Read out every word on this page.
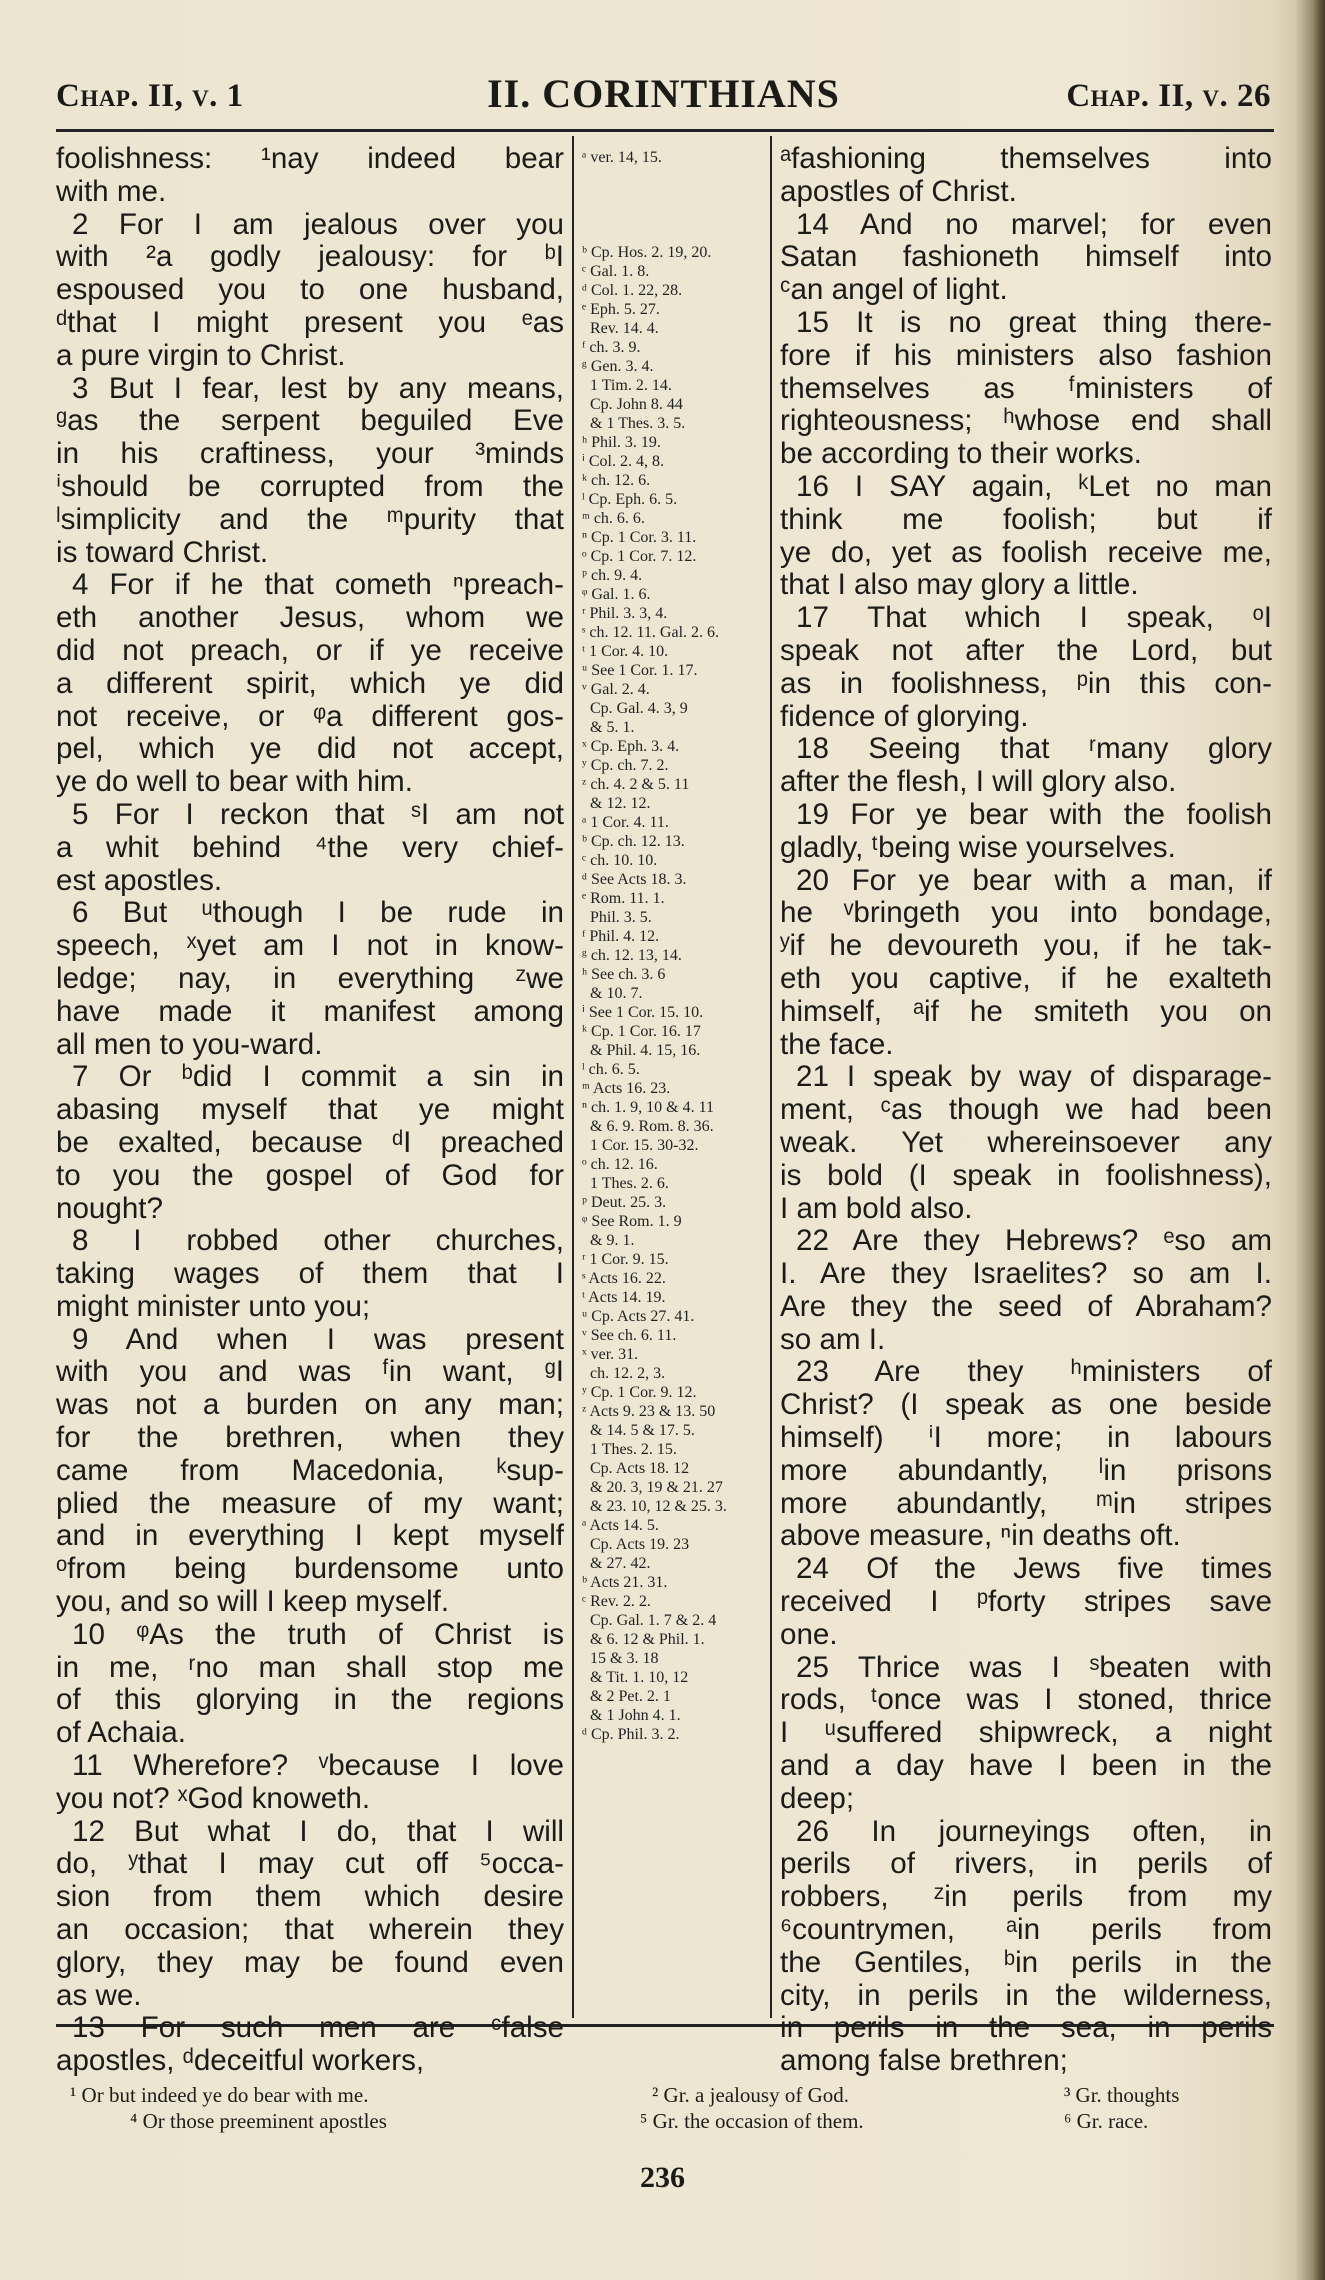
Chap. II, v. 1	II. CORINTHIANS	Chap. II, v. 26
foolishness: ¹nay indeed bear
with me.
2 For I am jealous over you
with ²a godly jealousy: for ᵇI
espoused you to one husband,
ᵈthat I might present you ᵉas
a pure virgin to Christ.
3 But I fear, lest by any means,
ᵍas the serpent beguiled Eve
in his craftiness, your ³minds
ⁱshould be corrupted from the
ˡsimplicity and the ᵐpurity that
is toward Christ.
4 For if he that cometh ⁿpreach-
eth another Jesus, whom we
did not preach, or if ye receive
a different spirit, which ye did
not receive, or ᵠa different gos-
pel, which ye did not accept,
ye do well to bear with him.
5 For I reckon that ˢI am not
a whit behind ⁴the very chief-
est apostles.
6 But ᵘthough I be rude in
speech, ˣyet am I not in know-
ledge; nay, in everything ᶻwe
have made it manifest among
all men to you-ward.
7 Or ᵇdid I commit a sin in
abasing myself that ye might
be exalted, because ᵈI preached
to you the gospel of God for
nought?
8 I robbed other churches,
taking wages of them that I
might minister unto you;
9 And when I was present
with you and was ᶠin want, ᵍI
was not a burden on any man;
for the brethren, when they
came from Macedonia, ᵏsup-
plied the measure of my want;
and in everything I kept myself
ᵒfrom being burdensome unto
you, and so will I keep myself.
10 ᵠAs the truth of Christ is
in me, ʳno man shall stop me
of this glorying in the regions
of Achaia.
11 Wherefore? ᵛbecause I love
you not? ˣGod knoweth.
12 But what I do, that I will
do, ʸthat I may cut off ⁵occa-
sion from them which desire
an occasion; that wherein they
glory, they may be found even
as we.
13 For such men are ᶜfalse
apostles, ᵈdeceitful workers,
ᵃ ver. 14, 15.
ᵇ Cp. Hos. 2. 19, 20.
ᶜ Gal. 1. 8.
ᵈ Col. 1. 22, 28.
ᵉ Eph. 5. 27.
Rev. 14. 4.
ᶠ ch. 3. 9.
ᵍ Gen. 3. 4.
1 Tim. 2. 14.
Cp. John 8. 44
& 1 Thes. 3. 5.
ʰ Phil. 3. 19.
ⁱ Col. 2. 4, 8.
ᵏ ch. 12. 6.
ˡ Cp. Eph. 6. 5.
ᵐ ch. 6. 6.
ⁿ Cp. 1 Cor. 3. 11.
ᵒ Cp. 1 Cor. 7. 12.
ᵖ ch. 9. 4.
ᵠ Gal. 1. 6.
ʳ Phil. 3. 3, 4.
ˢ ch. 12. 11. Gal. 2. 6.
ᵗ 1 Cor. 4. 10.
ᵘ See 1 Cor. 1. 17.
ᵛ Gal. 2. 4.
Cp. Gal. 4. 3, 9
& 5. 1.
ˣ Cp. Eph. 3. 4.
ʸ Cp. ch. 7. 2.
ᶻ ch. 4. 2 & 5. 11
& 12. 12.
ᵃ 1 Cor. 4. 11.
ᵇ Cp. ch. 12. 13.
ᶜ ch. 10. 10.
ᵈ See Acts 18. 3.
ᵉ Rom. 11. 1.
Phil. 3. 5.
ᶠ Phil. 4. 12.
ᵍ ch. 12. 13, 14.
ʰ See ch. 3. 6
& 10. 7.
ⁱ See 1 Cor. 15. 10.
ᵏ Cp. 1 Cor. 16. 17
& Phil. 4. 15, 16.
ˡ ch. 6. 5.
ᵐ Acts 16. 23.
ⁿ ch. 1. 9, 10 & 4. 11
& 6. 9. Rom. 8. 36.
1 Cor. 15. 30-32.
ᵒ ch. 12. 16.
1 Thes. 2. 6.
ᵖ Deut. 25. 3.
ᵠ See Rom. 1. 9
& 9. 1.
ʳ 1 Cor. 9. 15.
ˢ Acts 16. 22.
ᵗ Acts 14. 19.
ᵘ Cp. Acts 27. 41.
ᵛ See ch. 6. 11.
ˣ ver. 31.
ch. 12. 2, 3.
ʸ Cp. 1 Cor. 9. 12.
ᶻ Acts 9. 23 & 13. 50
& 14. 5 & 17. 5.
1 Thes. 2. 15.
Cp. Acts 18. 12
& 20. 3, 19 & 21. 27
& 23. 10, 12 & 25. 3.
ᵃ Acts 14. 5.
Cp. Acts 19. 23
& 27. 42.
ᵇ Acts 21. 31.
ᶜ Rev. 2. 2.
Cp. Gal. 1. 7 & 2. 4
& 6. 12 & Phil. 1.
15 & 3. 18
& Tit. 1. 10, 12
& 2 Pet. 2. 1
& 1 John 4. 1.
ᵈ Cp. Phil. 3. 2.
ᵃfashioning themselves into
apostles of Christ.
14 And no marvel; for even
Satan fashioneth himself into
ᶜan angel of light.
15 It is no great thing there-
fore if his ministers also fashion
themselves as ᶠministers of
righteousness; ʰwhose end shall
be according to their works.
16 I SAY again, ᵏLet no man
think me foolish; but if
ye do, yet as foolish receive me,
that I also may glory a little.
17 That which I speak, ᵒI
speak not after the Lord, but
as in foolishness, ᵖin this con-
fidence of glorying.
18 Seeing that ʳmany glory
after the flesh, I will glory also.
19 For ye bear with the foolish
gladly, ᵗbeing wise yourselves.
20 For ye bear with a man, if
he ᵛbringeth you into bondage,
ʸif he devoureth you, if he tak-
eth you captive, if he exalteth
himself, ᵃif he smiteth you on
the face.
21 I speak by way of disparage-
ment, ᶜas though we had been
weak. Yet whereinsoever any
is bold (I speak in foolishness),
I am bold also.
22 Are they Hebrews? ᵉso am
I. Are they Israelites? so am I.
Are they the seed of Abraham?
so am I.
23 Are they ʰministers of
Christ? (I speak as one beside
himself) ⁱI more; in labours
more abundantly, ˡin prisons
more abundantly, ᵐin stripes
above measure, ⁿin deaths oft.
24 Of the Jews five times
received I ᵖforty stripes save
one.
25 Thrice was I ˢbeaten with
rods, ᵗonce was I stoned, thrice
I ᵘsuffered shipwreck, a night
and a day have I been in the
deep;
26 In journeyings often, in
perils of rivers, in perils of
robbers, ᶻin perils from my
⁶countrymen, ᵃin perils from
the Gentiles, ᵇin perils in the
city, in perils in the wilderness,
in perils in the sea, in perils
among false brethren;
¹ Or but indeed ye do bear with me.	² Gr. a jealousy of God.	³ Gr. thoughts
⁴ Or those preeminent apostles	⁵ Gr. the occasion of them.	⁶ Gr. race.
236
